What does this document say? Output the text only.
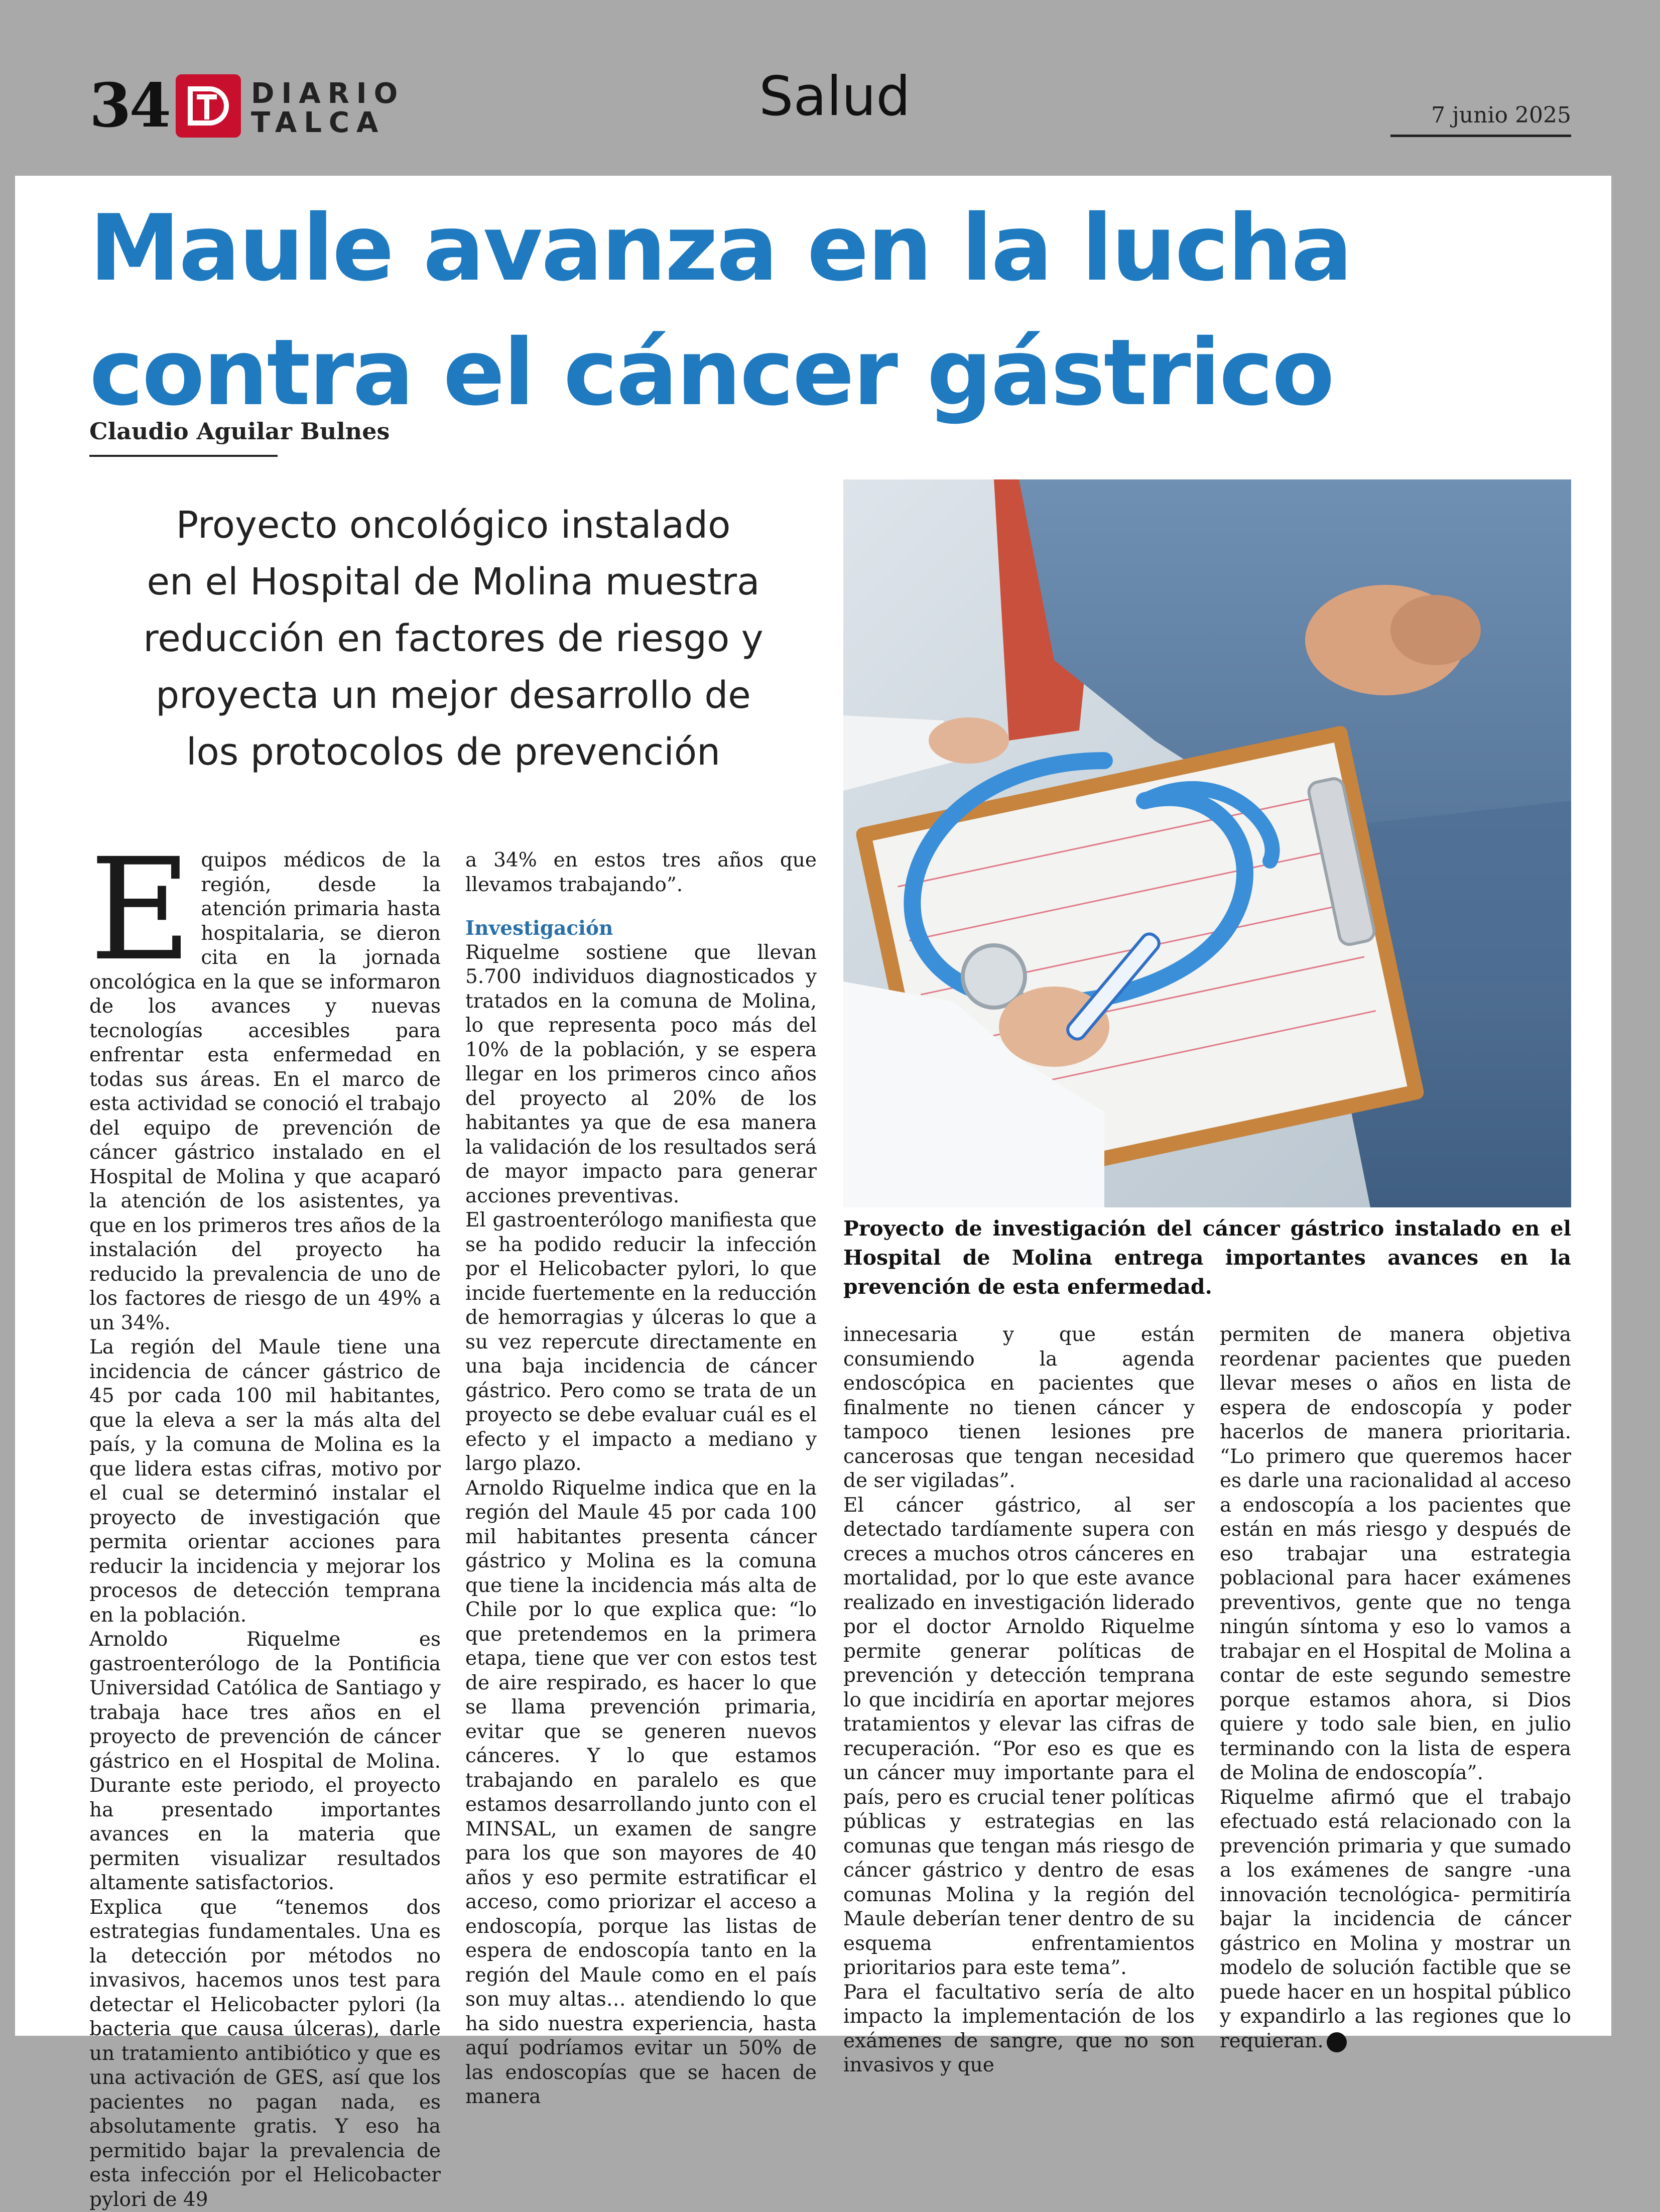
34	DIARIO
TALCA	Salud	7 junio 2025
Maule avanza en la lucha
contra el cáncer gástrico
Claudio Aguilar Bulnes
Proyecto oncológico instalado
en el Hospital de Molina muestra
reducción en factores de riesgo y
proyecta un mejor desarrollo de
los protocolos de prevención
Proyecto de investigación del cáncer gástrico instalado en el Hospital de Molina entrega importantes avances en la prevención de esta enfermedad.

Equipos médicos de la región, desde la atención primaria hasta hospitalaria, se dieron cita en la jornada oncológica en la que se informaron de los avances y nuevas tecnologías accesibles para enfrentar esta enfermedad en todas sus áreas. En el marco de esta actividad se conoció el trabajo del equipo de prevención de cáncer gástrico instalado en el Hospital de Molina y que acaparó la atención de los asistentes, ya que en los primeros tres años de la instalación del proyecto ha reducido la prevalencia de uno de los factores de riesgo de un 49% a un 34%.

La región del Maule tiene una incidencia de cáncer gástrico de 45 por cada 100 mil habitantes, que la eleva a ser la más alta del país, y la comuna de Molina es la que lidera estas cifras, motivo por el cual se determinó instalar el proyecto de investigación que permita orientar acciones para reducir la incidencia y mejorar los procesos de detección temprana en la población.

Arnoldo Riquelme es gastroenterólogo de la Pontificia Universidad Católica de Santiago y trabaja hace tres años en el proyecto de prevención de cáncer gástrico en el Hospital de Molina. Durante este periodo, el proyecto ha presentado importantes avances en la materia que permiten visualizar resultados altamente satisfactorios.

Explica que “tenemos dos estrategias fundamentales. Una es la detección por métodos no invasivos, hacemos unos test para detectar el Helicobacter pylori (la bacteria que causa úlceras), darle un tratamiento antibiótico y que es una activación de GES, así que los pacientes no pagan nada, es absolutamente gratis. Y eso ha permitido bajar la prevalencia de esta infección por el Helicobacter pylori de 49

a 34% en estos tres años que llevamos trabajando”.

Investigación

Riquelme sostiene que llevan 5.700 individuos diagnosticados y tratados en la comuna de Molina, lo que representa poco más del 10% de la población, y se espera llegar en los primeros cinco años del proyecto al 20% de los habitantes ya que de esa manera la validación de los resultados será de mayor impacto para generar acciones preventivas.

El gastroenterólogo manifiesta que se ha podido reducir la infección por el Helicobacter pylori, lo que incide fuertemente en la reducción de hemorragias y úlceras lo que a su vez repercute directamente en una baja incidencia de cáncer gástrico. Pero como se trata de un proyecto se debe evaluar cuál es el efecto y el impacto a mediano y largo plazo.

Arnoldo Riquelme indica que en la región del Maule 45 por cada 100 mil habitantes presenta cáncer gástrico y Molina es la comuna que tiene la incidencia más alta de Chile por lo que explica que: “lo que pretendemos en la primera etapa, tiene que ver con estos test de aire respirado, es hacer lo que se llama prevención primaria, evitar que se generen nuevos cánceres. Y lo que estamos trabajando en paralelo es que estamos desarrollando junto con el MINSAL, un examen de sangre para los que son mayores de 40 años y eso permite estratificar el acceso, como priorizar el acceso a endoscopía, porque las listas de espera de endoscopía tanto en la región del Maule como en el país son muy altas… atendiendo lo que ha sido nuestra experiencia, hasta aquí podríamos evitar un 50% de las endoscopías que se hacen de manera

innecesaria y que están consumiendo la agenda endoscópica en pacientes que finalmente no tienen cáncer y tampoco tienen lesiones pre cancerosas que tengan necesidad de ser vigiladas”.

El cáncer gástrico, al ser detectado tardíamente supera con creces a muchos otros cánceres en mortalidad, por lo que este avance realizado en investigación liderado por el doctor Arnoldo Riquelme permite generar políticas de prevención y detección temprana lo que incidiría en aportar mejores tratamientos y elevar las cifras de recuperación. “Por eso es que es un cáncer muy importante para el país, pero es crucial tener políticas públicas y estrategias en las comunas que tengan más riesgo de cáncer gástrico y dentro de esas comunas Molina y la región del Maule deberían tener dentro de su esquema enfrentamientos prioritarios para este tema”.

Para el facultativo sería de alto impacto la implementación de los exámenes de sangre, que no son invasivos y que

permiten de manera objetiva reordenar pacientes que pueden llevar meses o años en lista de espera de endoscopía y poder hacerlos de manera prioritaria. “Lo primero que queremos hacer es darle una racionalidad al acceso a endoscopía a los pacientes que están en más riesgo y después de eso trabajar una estrategia poblacional para hacer exámenes preventivos, gente que no tenga ningún síntoma y eso lo vamos a trabajar en el Hospital de Molina a contar de este segundo semestre porque estamos ahora, si Dios quiere y todo sale bien, en julio terminando con la lista de espera de Molina de endoscopía”.

Riquelme afirmó que el trabajo efectuado está relacionado con la prevención primaria y que sumado a los exámenes de sangre -una innovación tecnológica- permitiría bajar la incidencia de cáncer gástrico en Molina y mostrar un modelo de solución factible que se puede hacer en un hospital público y expandirlo a las regiones que lo requieran.
